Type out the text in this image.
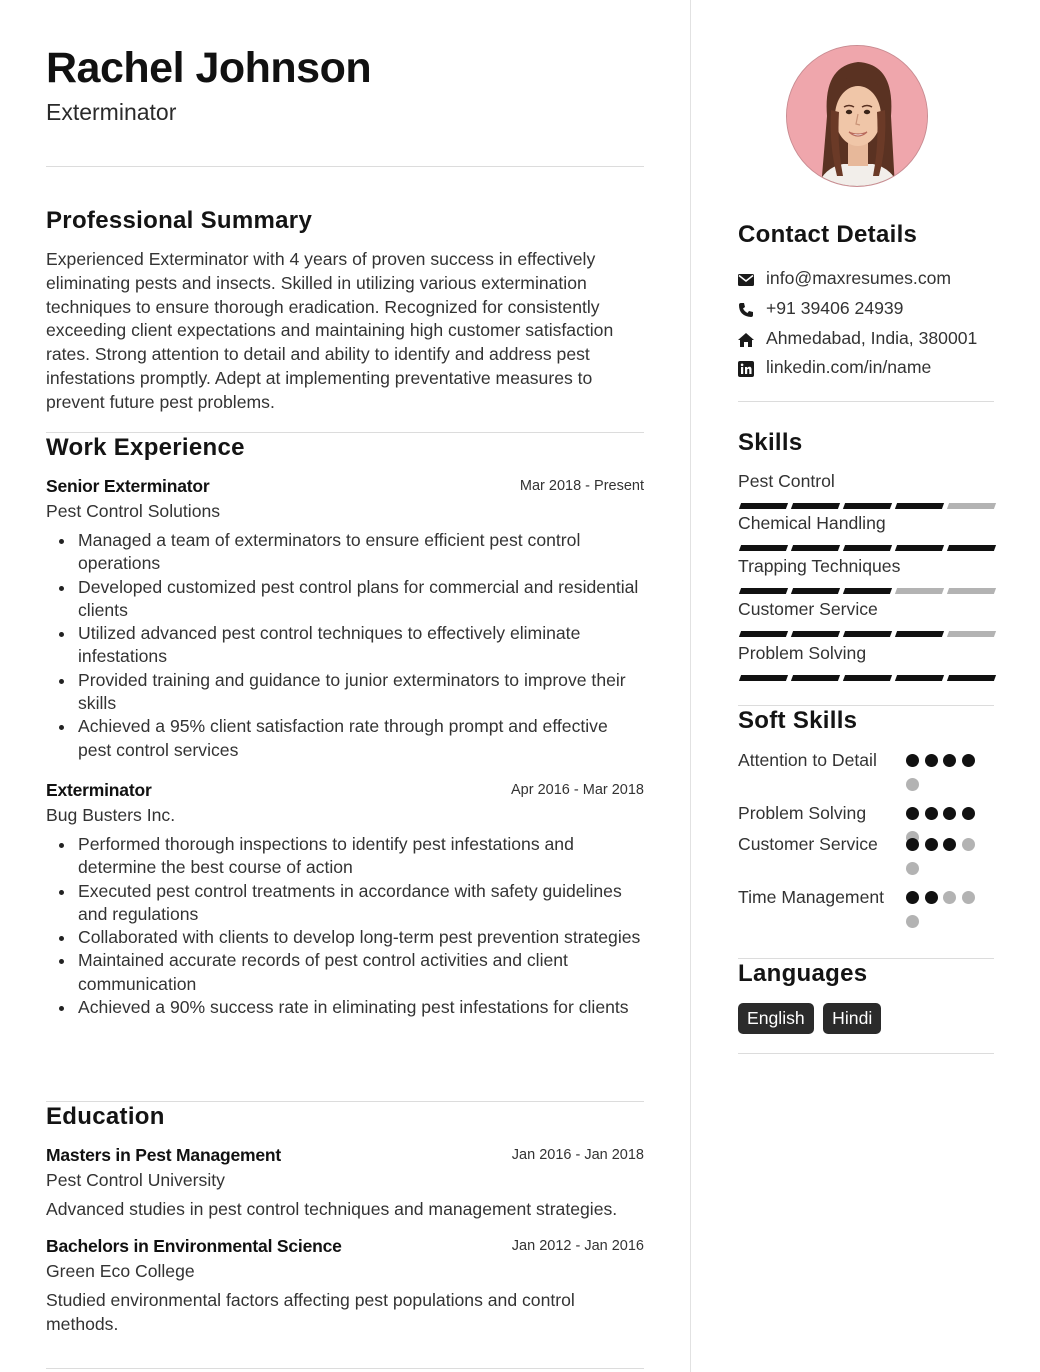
Rachel Johnson
Exterminator
Professional Summary
Experienced Exterminator with 4 years of proven success in effectively eliminating pests and insects. Skilled in utilizing various extermination techniques to ensure thorough eradication. Recognized for consistently exceeding client expectations and maintaining high customer satisfaction rates. Strong attention to detail and ability to identify and address pest infestations promptly. Adept at implementing preventative measures to prevent future pest problems.
Work Experience
Senior Exterminator	Mar 2018 - Present
Pest Control Solutions
Managed a team of exterminators to ensure efficient pest control operations
Developed customized pest control plans for commercial and residential clients
Utilized advanced pest control techniques to effectively eliminate infestations
Provided training and guidance to junior exterminators to improve their skills
Achieved a 95% client satisfaction rate through prompt and effective pest control services
Exterminator	Apr 2016 - Mar 2018
Bug Busters Inc.
Performed thorough inspections to identify pest infestations and determine the best course of action
Executed pest control treatments in accordance with safety guidelines and regulations
Collaborated with clients to develop long-term pest prevention strategies
Maintained accurate records of pest control activities and client communication
Achieved a 90% success rate in eliminating pest infestations for clients
Education
Masters in Pest Management	Jan 2016 - Jan 2018
Pest Control University
Advanced studies in pest control techniques and management strategies.
Bachelors in Environmental Science	Jan 2012 - Jan 2016
Green Eco College
Studied environmental factors affecting pest populations and control methods.
Contact Details
info@maxresumes.com
+91 39406 24939
Ahmedabad, India, 380001
linkedin.com/in/name
Skills
Pest Control
Chemical Handling
Trapping Techniques
Customer Service
Problem Solving
Soft Skills
Attention to Detail
Problem Solving
Customer Service
Time Management
Languages
English Hindi
